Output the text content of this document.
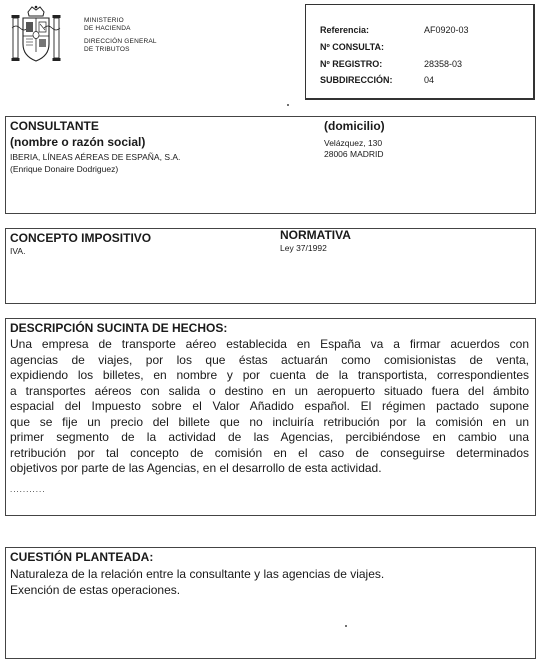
MINISTERIO
DE HACIENDA
DIRECCIÓN GENERAL
DE TRIBUTOS
Referencia:	AF0920-03
Nº CONSULTA:
Nº REGISTRO:	28358-03
SUBDIRECCIÓN:	04
CONSULTANTE
(nombre o razón social)
IBERIA, LÍNEAS AÉREAS DE ESPAÑA, S.A.
(Enrique Donaire Dodriguez)
(domicilio)
Velázquez, 130
28006 MADRID
CONCEPTO IMPOSITIVO
IVA.
NORMATIVA
Ley 37/1992
DESCRIPCIÓN SUCINTA DE HECHOS:
Una empresa de transporte aéreo establecida en España va a firmar acuerdos con
agencias de viajes, por los que éstas actuarán como comisionistas de venta,
expidiendo los billetes, en nombre y por cuenta de la transportista, correspondientes
a transportes aéreos con salida o destino en un aeropuerto situado fuera del ámbito
espacial del Impuesto sobre el Valor Añadido español. El régimen pactado supone
que se fije un precio del billete que no incluiría retribución por la comisión en un
primer segmento de la actividad de las Agencias, percibiéndose en cambio una
retribución por tal concepto de comisión en el caso de conseguirse determinados
objetivos por parte de las Agencias, en el desarrollo de esta actividad.
...........
CUESTIÓN PLANTEADA:
Naturaleza de la relación entre la consultante y las agencias de viajes.
Exención de estas operaciones.
